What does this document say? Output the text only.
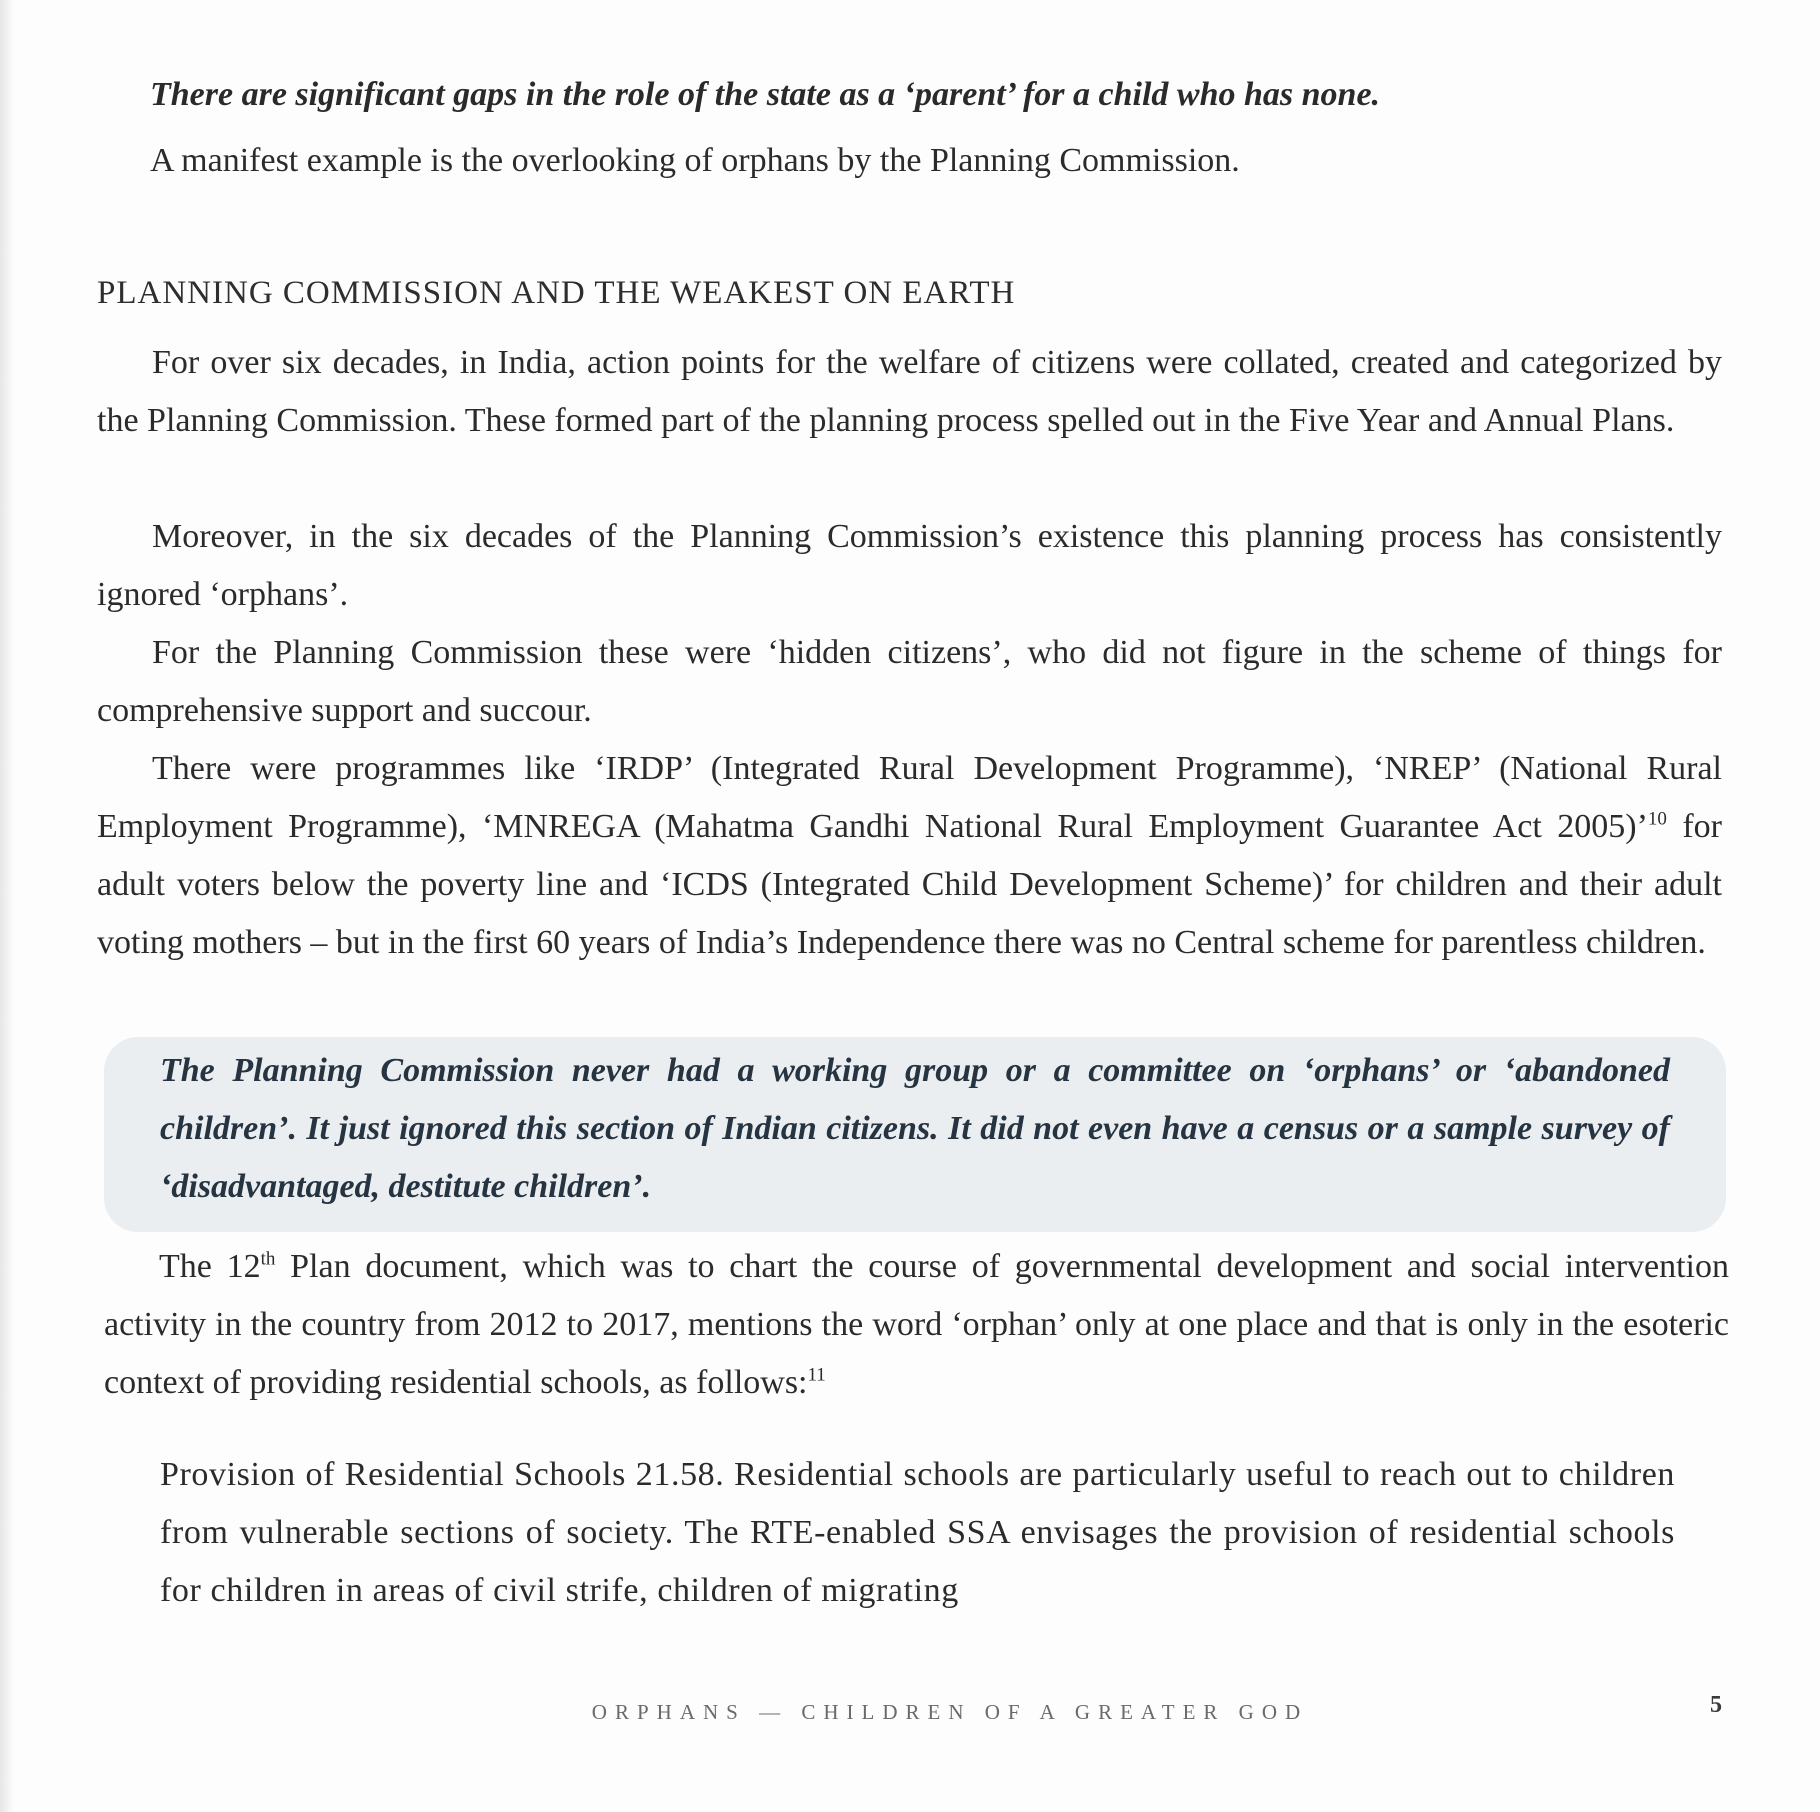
There are significant gaps in the role of the state as a ‘parent’ for a child who has none.

A manifest example is the overlooking of orphans by the Planning Commission.

PLANNING COMMISSION AND THE WEAKEST ON EARTH

For over six decades, in India, action points for the welfare of citizens were collated, created and categorized by the Planning Commission. These formed part of the planning process spelled out in the Five Year and Annual Plans.

Moreover, in the six decades of the Planning Commission’s existence this planning process has consistently ignored ‘orphans’.

For the Planning Commission these were ‘hidden citizens’, who did not figure in the scheme of things for comprehensive support and succour.

There were programmes like ‘IRDP’ (Integrated Rural Development Programme), ‘NREP’ (National Rural Employment Programme), ‘MNREGA (Mahatma Gandhi National Rural Employment Guarantee Act 2005)’$^{10}$ for adult voters below the poverty line and ‘ICDS (Integrated Child Development Scheme)’ for children and their adult voting mothers – but in the first 60 years of India’s Independence there was no Central scheme for parentless children.

The Planning Commission never had a working group or a committee on ‘orphans’ or ‘abandoned children’. It just ignored this section of Indian citizens. It did not even have a census or a sample survey of ‘disadvantaged, destitute children’.

The 12th Plan document, which was to chart the course of governmental development and social intervention activity in the country from 2012 to 2017, mentions the word ‘orphan’ only at one place and that is only in the esoteric context of providing residential schools, as follows:$^{11}$

Provision of Residential Schools 21.58. Residential schools are particularly useful to reach out to children from vulnerable sections of society. The RTE-enabled SSA envisages the provision of residential schools for children in areas of civil strife, children of migrating

ORPHANS — CHILDREN OF A GREATER GOD	5
